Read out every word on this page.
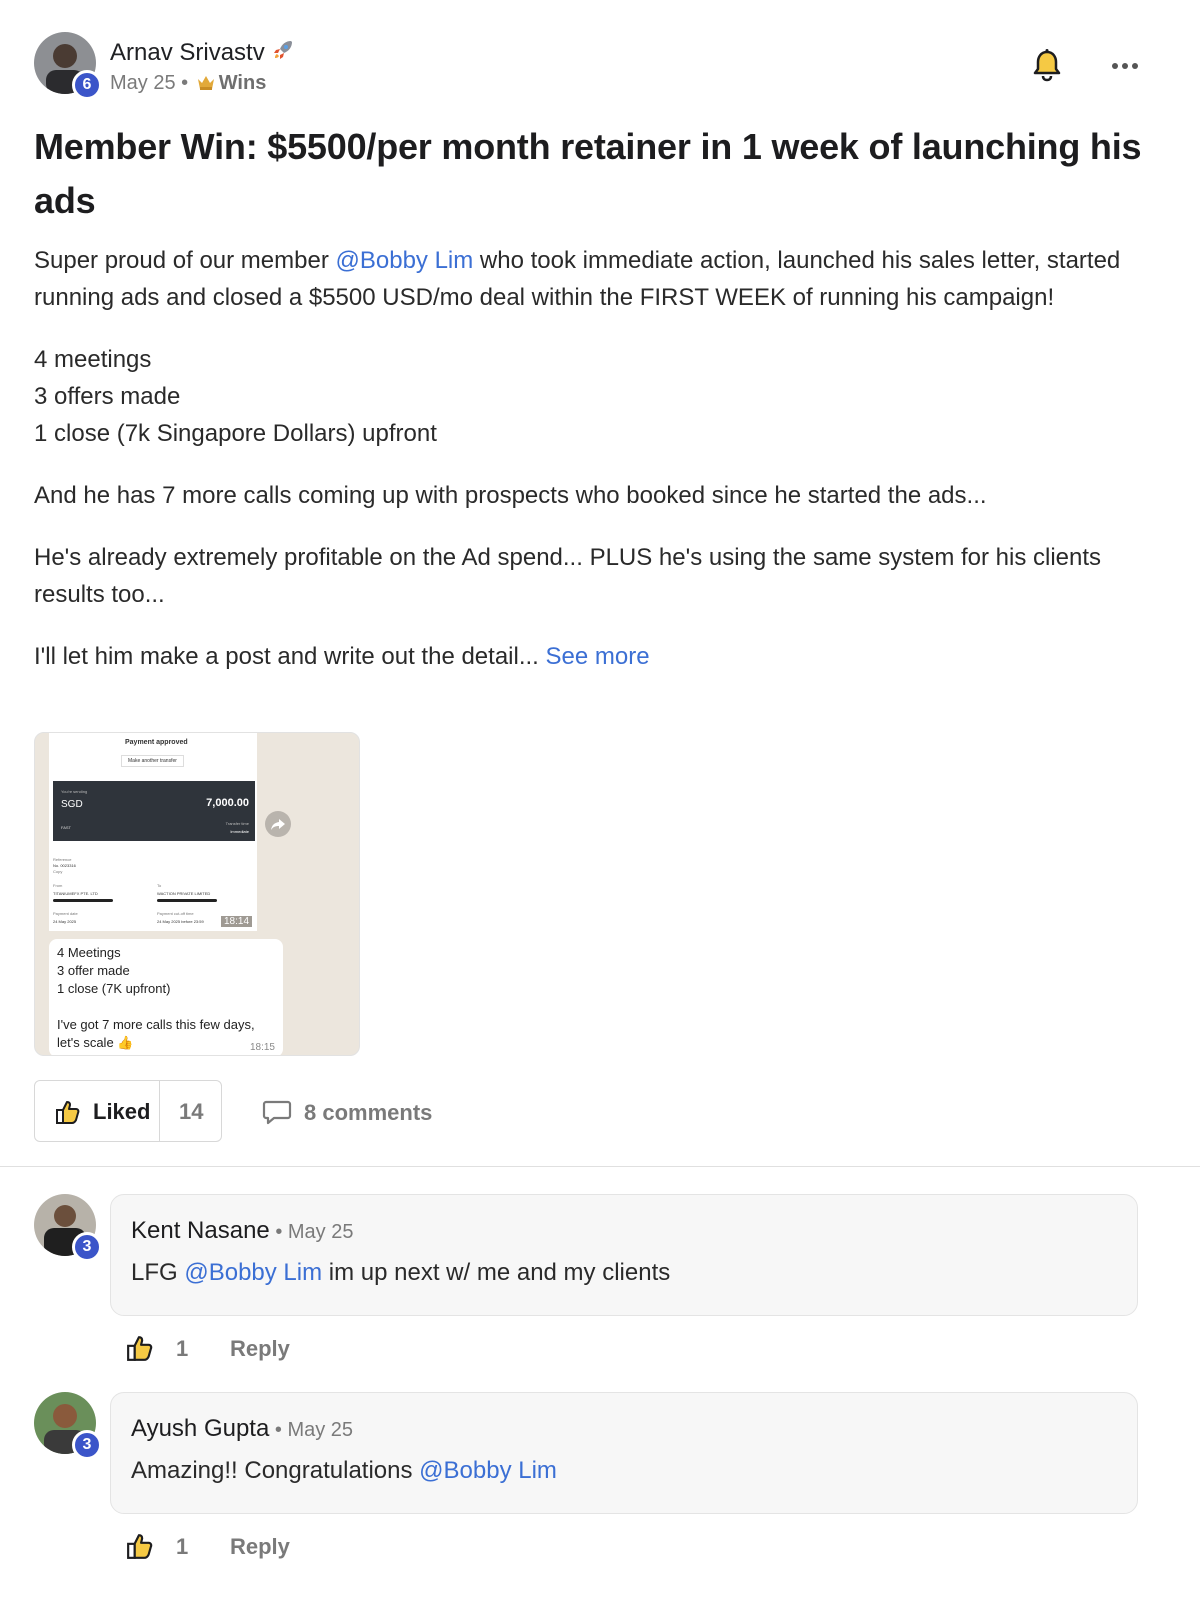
6
Arnav Srivastv
May 25 • Wins
Member Win: $5500/per month retainer in 1 week of launching his ads

Super proud of our member @Bobby Lim who took immediate action, launched his sales letter, started running ads and closed a $5500 USD/mo deal within the FIRST WEEK of running his campaign!

4 meetings
3 offers made
1 close (7k Singapore Dollars) upfront

And he has 7 more calls coming up with prospects who booked since he started the ads...

He's already extremely profitable on the Ad spend... PLUS he's using the same system for his clients results too...

I'll let him make a post and write out the detail... See more

Payment approved
Make another transfer
Reference
No. 0023316
Copy
From
TITANIUMEFX PTE. LTD
To
WACTION PRIVATE LIMITED
Payment date
24 May 2025
Payment cut-off time
24 May 2025 before 23:59
You're sending
SGD	7,000.00
FAST
Transfer time
Immediate
18:14
4 Meetings
3 offer made
1 close (7K upfront)
I've got 7 more calls this few days,
let's scale 👍	18:15
Liked 14	8 comments
3
Kent Nasane • May 25
LFG @Bobby Lim im up next w/ me and my clients
1 Reply
3
Ayush Gupta • May 25
Amazing!! Congratulations @Bobby Lim
1 Reply
